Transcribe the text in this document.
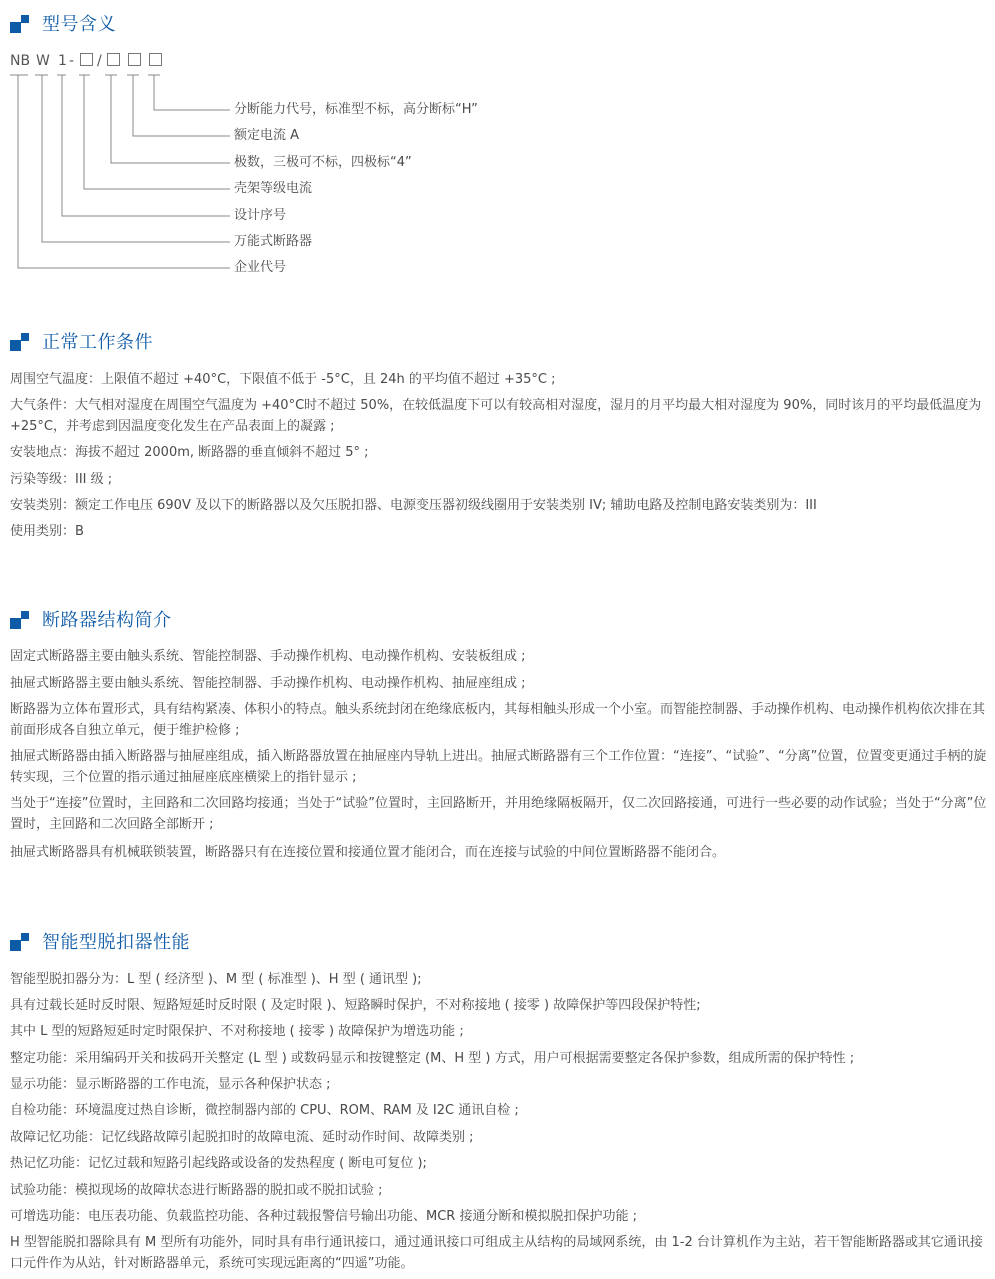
型号含义
NB W 1 - /
分断能力代号，标准型不标，高分断标“H”
额定电流 A
极数，三极可不标，四极标“4”
壳架等级电流
设计序号
万能式断路器
企业代号
正常工作条件

周围空气温度：上限值不超过 +40°C，下限值不低于 -5°C，且 24h 的平均值不超过 +35°C ;

大气条件：大气相对湿度在周围空气温度为 +40°C时不超过 50%，在较低温度下可以有较高相对湿度，湿月的月平均最大相对湿度为 90%，同时该月的平均最低温度为 +25°C，并考虑到因温度变化发生在产品表面上的凝露 ;

安装地点：海拔不超过 2000m, 断路器的垂直倾斜不超过 5° ;

污染等级：III 级 ;

安装类别：额定工作电压 690V 及以下的断路器以及欠压脱扣器、电源变压器初级线圈用于安装类别 IV; 辅助电路及控制电路安装类别为：III

使用类别：B

断路器结构简介

固定式断路器主要由触头系统、智能控制器、手动操作机构、电动操作机构、安装板组成 ;

抽屉式断路器主要由触头系统、智能控制器、手动操作机构、电动操作机构、抽屉座组成 ;

断路器为立体布置形式，具有结构紧凑、体积小的特点。触头系统封闭在绝缘底板内，其每相触头形成一个小室。而智能控制器、手动操作机构、电动操作机构依次排在其前面形成各自独立单元，便于维护检修 ;

抽屉式断路器由插入断路器与抽屉座组成，插入断路器放置在抽屉座内导轨上进出。抽屉式断路器有三个工作位置：“连接”、“试验”、“分离”位置，位置变更通过手柄的旋转实现，三个位置的指示通过抽屉座底座横梁上的指针显示 ;

当处于“连接”位置时，主回路和二次回路均接通；当处于“试验”位置时，主回路断开，并用绝缘隔板隔开，仅二次回路接通，可进行一些必要的动作试验；当处于“分离”位置时，主回路和二次回路全部断开 ;

抽屉式断路器具有机械联锁装置，断路器只有在连接位置和接通位置才能闭合，而在连接与试验的中间位置断路器不能闭合。

智能型脱扣器性能

智能型脱扣器分为：L 型 ( 经济型 )、M 型 ( 标准型 )、H 型 ( 通讯型 );

具有过载长延时反时限、短路短延时反时限 ( 及定时限 )、短路瞬时保护，不对称接地 ( 接零 ) 故障保护等四段保护特性;

其中 L 型的短路短延时定时限保护、不对称接地 ( 接零 ) 故障保护为增选功能 ;

整定功能：采用编码开关和拔码开关整定 (L 型 ) 或数码显示和按键整定 (M、H 型 ) 方式，用户可根据需要整定各保护参数，组成所需的保护特性 ;

显示功能：显示断路器的工作电流，显示各种保护状态 ;

自检功能：环境温度过热自诊断，微控制器内部的 CPU、ROM、RAM 及 I2C 通讯自检 ;

故障记忆功能：记忆线路故障引起脱扣时的故障电流、延时动作时间、故障类别 ;

热记忆功能：记忆过载和短路引起线路或设备的发热程度 ( 断电可复位 );

试验功能：模拟现场的故障状态进行断路器的脱扣或不脱扣试验 ;

可增选功能：电压表功能、负载监控功能、各种过载报警信号输出功能、MCR 接通分断和模拟脱扣保护功能 ;

H 型智能脱扣器除具有 M 型所有功能外，同时具有串行通讯接口，通过通讯接口可组成主从结构的局域网系统，由 1-2 台计算机作为主站，若干智能断路器或其它通讯接口元件作为从站，针对断路器单元，系统可实现远距离的“四遥”功能。
